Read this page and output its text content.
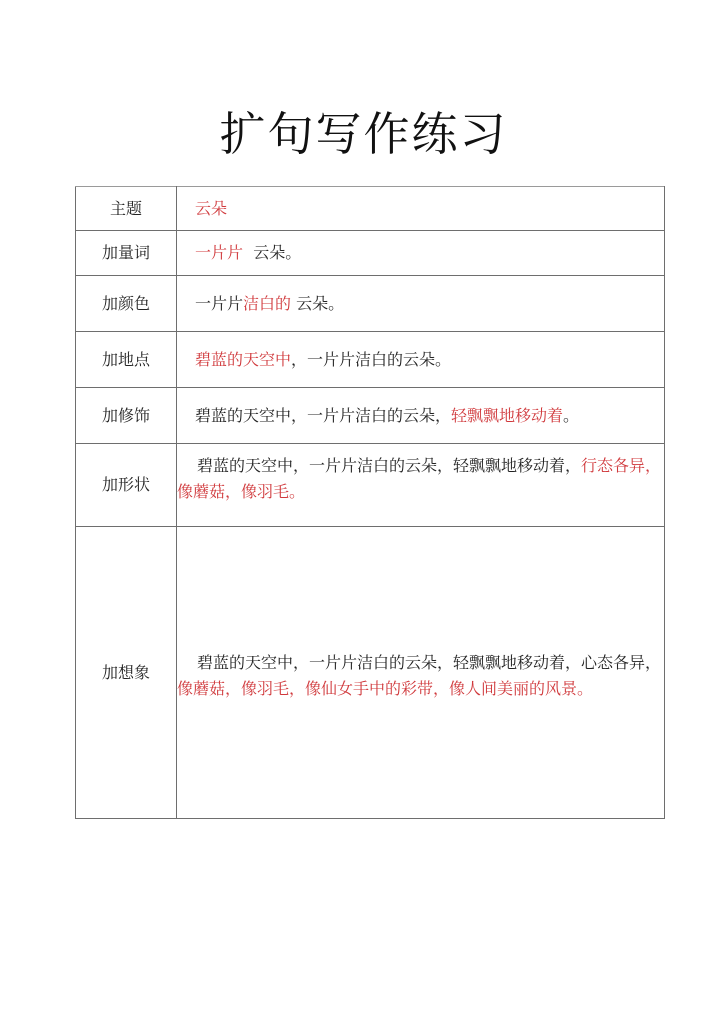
扩句写作练习
主题	云朵

加量词	一片片  云朵。

加颜色	一片片洁白的 云朵。

加地点	碧蓝的天空中，一片片洁白的云朵。

加修饰	碧蓝的天空中，一片片洁白的云朵，轻飘飘地移动着。

加形状	碧蓝的天空中，一片片洁白的云朵，轻飘飘地移动着，行态各异，像蘑菇，像羽毛。

加想象	碧蓝的天空中，一片片洁白的云朵，轻飘飘地移动着，心态各异，像蘑菇，像羽毛，像仙女手中的彩带，像人间美丽的风景。
